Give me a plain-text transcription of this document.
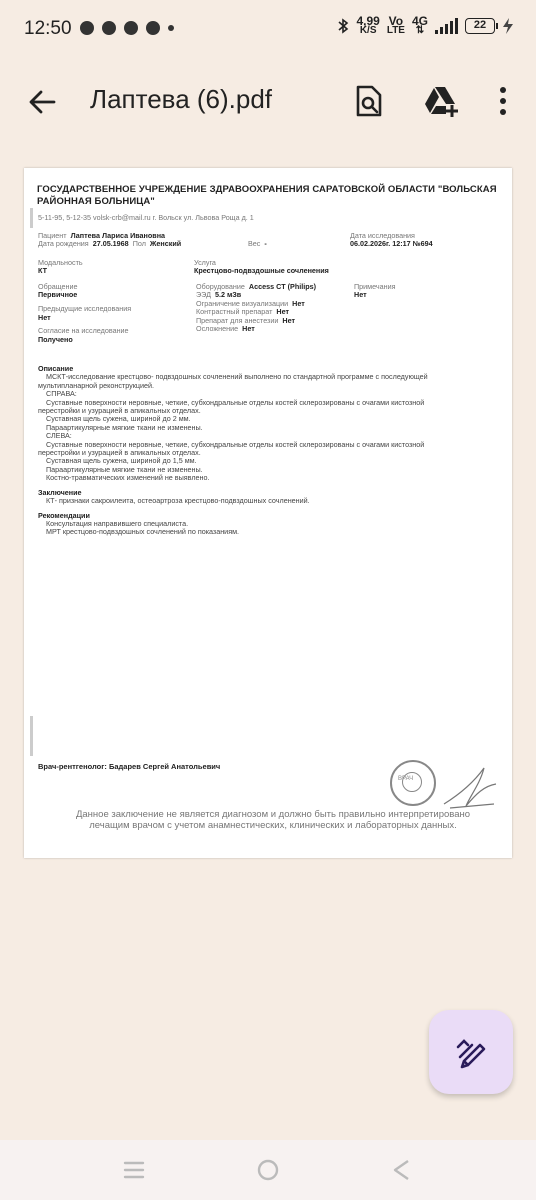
12:50	4,99
K/S
Vo
LTE
4G
⇅	22
Лаптева (6).pdf
ГОСУДАРСТВЕННОЕ УЧРЕЖДЕНИЕ ЗДРАВООХРАНЕНИЯ САРАТОВСКОЙ ОБЛАСТИ "ВОЛЬСКАЯ
РАЙОННАЯ БОЛЬНИЦА"
5-11-95, 5-12-35 volsk-crb@mail.ru г. Вольск ул. Львова Роща д. 1
Пациент Лаптева Лариса Ивановна
Дата рождения 27.05.1968 Пол Женский	Вес -
Дата исследования
06.02.2026г. 12:17 №694
Модальность
КТ
Услуга
Крестцово-подвздошные сочленения
Обращение
Первичное
Оборудование Access CT (Philips)
ЭЭД 5.2 мЗв
Примечания
Нет
Предыдущие исследования
Нет
Ограничение визуализации Нет
Контрастный препарат Нет
Препарат для анестезии Нет
Осложнение Нет
Согласие на исследование
Получено
Описание
МСКТ-исследование крестцово- подвздошных сочленений выполнено по стандартной программе с последующей
мультипланарной реконструкцией.
СПРАВА:
Суставные поверхности неровные, четкие, субхондральные отделы костей склерозированы с очагами кистозной
перестройки и узурацией в апикальных отделах.
Суставная щель сужена, шириной до 2 мм.
Параартикулярные мягкие ткани не изменены.
СЛЕВА:
Суставные поверхности неровные, четкие, субхондральные отделы костей склерозированы с очагами кистозной
перестройки и узурацией в апикальных отделах.
Суставная щель сужена, шириной до 1,5 мм.
Параартикулярные мягкие ткани не изменены.
Костно-травматических изменений не выявлено.
Заключение
КТ- признаки сакроилеита, остеоартроза крестцово-подвздошных сочленений.
Рекомендации
Консультация направившего специалиста.
МРТ крестцово-подвздошных сочленений по показаниям.
Врач-рентгенолог: Бадарев Сергей Анатольевич
ВРАЧ
Данное заключение не является диагнозом и должно быть правильно интерпретировано
лечащим врачом с учетом анамнестических, клинических и лабораторных данных.
